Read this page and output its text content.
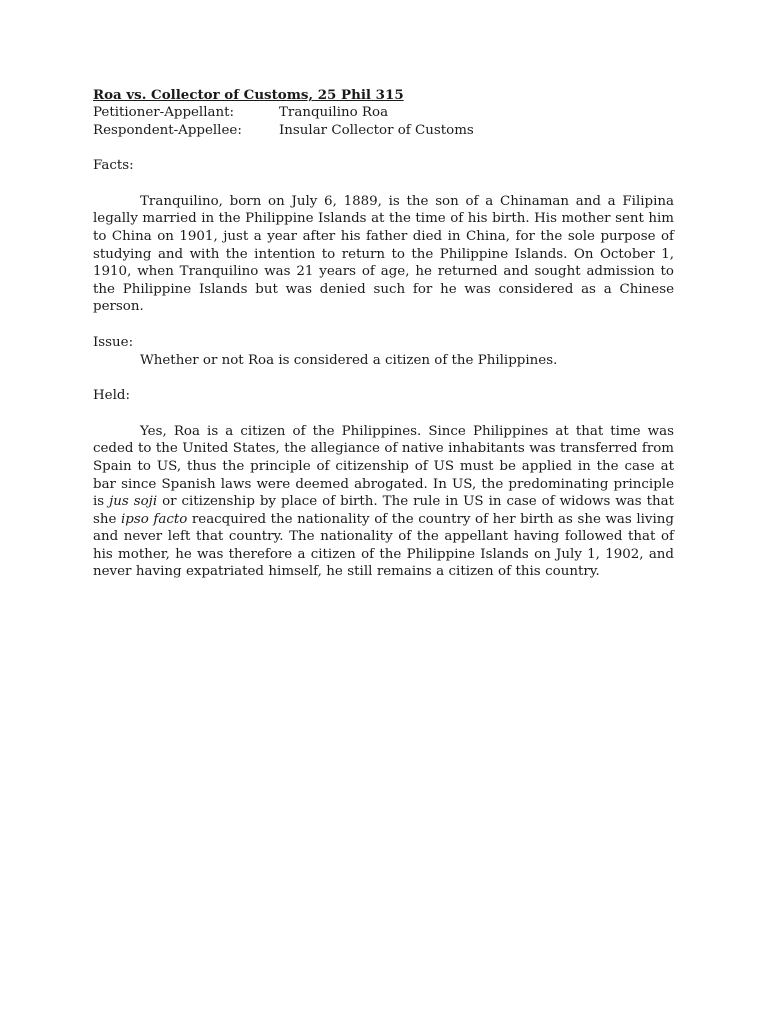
Roa vs. Collector of Customs, 25 Phil 315

Petitioner-Appellant:	Tranquilino Roa
Respondent-Appellee:	Insular Collector of Customs

Facts:

Tranquilino, born on July 6, 1889, is the son of a Chinaman and a Filipina legally married in the Philippine Islands at the time of his birth. His mother sent him to China on 1901, just a year after his father died in China, for the sole purpose of studying and with the intention to return to the Philippine Islands. On October 1, 1910, when Tranquilino was 21 years of age, he returned and sought admission to the Philippine Islands but was denied such for he was considered as a Chinese person.

Issue:

Whether or not Roa is considered a citizen of the Philippines.

Held:

Yes, Roa is a citizen of the Philippines. Since Philippines at that time was ceded to the United States, the allegiance of native inhabitants was transferred from Spain to US, thus the principle of citizenship of US must be applied in the case at bar since Spanish laws were deemed abrogated. In US, the predominating principle is jus soji or citizenship by place of birth. The rule in US in case of widows was that she ipso facto reacquired the nationality of the country of her birth as she was living and never left that country. The nationality of the appellant having followed that of his mother, he was therefore a citizen of the Philippine Islands on July 1, 1902, and never having expatriated himself, he still remains a citizen of this country.
